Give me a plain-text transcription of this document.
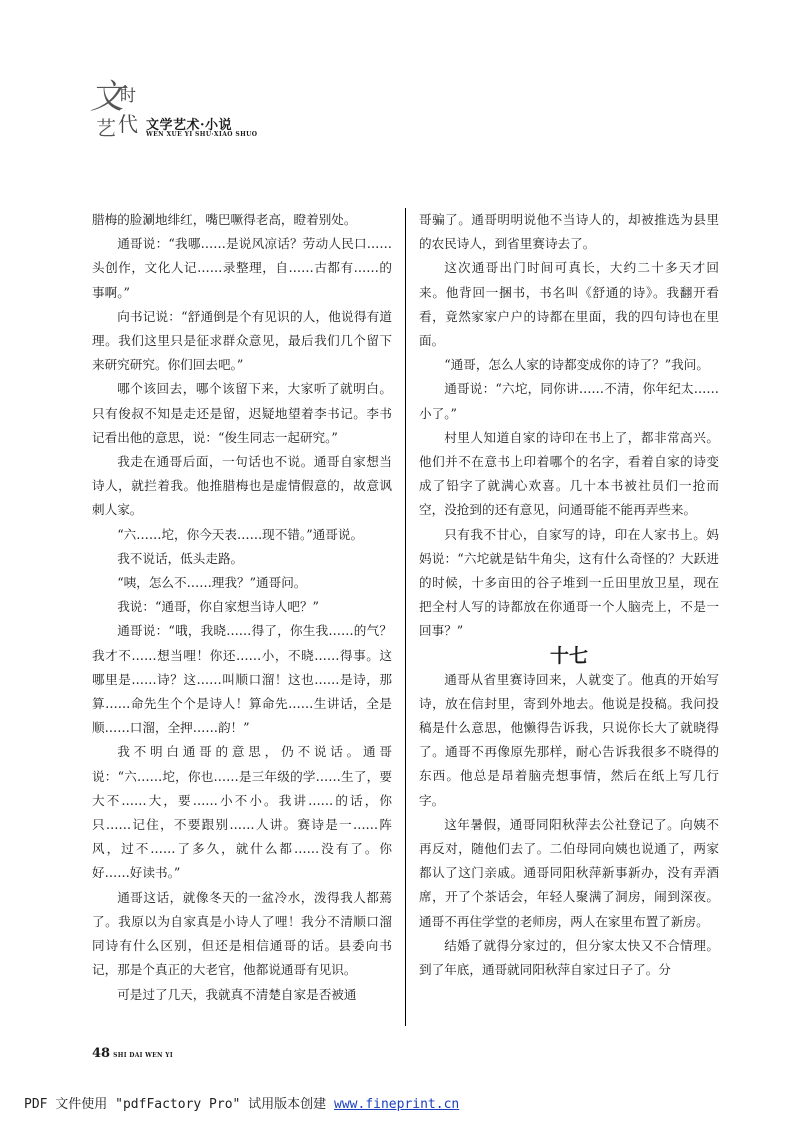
文
时
艺 代 文学艺术·小说
WEN XUE YI SHU·XIAO SHUO

腊梅的脸涮地绯红，嘴巴噘得老高，瞪着别处。

通哥说：“我哪……是说风凉话？劳动人民口……头创作，文化人记……录整理，自……古都有……的事啊。”

向书记说：“舒通倒是个有见识的人，他说得有道理。我们这里只是征求群众意见，最后我们几个留下来研究研究。你们回去吧。”

哪个该回去，哪个该留下来，大家听了就明白。只有俊叔不知是走还是留，迟疑地望着李书记。李书记看出他的意思，说：“俊生同志一起研究。”

我走在通哥后面，一句话也不说。通哥自家想当诗人，就拦着我。他推腊梅也是虚情假意的，故意讽刺人家。

“六……坨，你今天表……现不错。”通哥说。

我不说话，低头走路。

“咦，怎么不……理我？”通哥问。

我说：“通哥，你自家想当诗人吧？”

通哥说：“哦，我晓……得了，你生我……的气？我才不……想当哩！你还……小，不晓……得事。这哪里是……诗？这……叫顺口溜！这也……是诗，那算……命先生个个是诗人！算命先……生讲话，全是顺……口溜，全押……韵！”

我不明白通哥的意思，仍不说话。通哥说：“六……坨，你也……是三年级的学……生了，要大不……大，要……小不小。我讲……的话，你只……记住，不要跟别……人讲。赛诗是一……阵风，过不……了多久，就什么都……没有了。你好……好读书。”

通哥这话，就像冬天的一盆冷水，泼得我人都蔫了。我原以为自家真是小诗人了哩！我分不清顺口溜同诗有什么区别，但还是相信通哥的话。县委向书记，那是个真正的大老官，他都说通哥有见识。

可是过了几天，我就真不清楚自家是否被通

哥骗了。通哥明明说他不当诗人的，却被推选为县里的农民诗人，到省里赛诗去了。

这次通哥出门时间可真长，大约二十多天才回来。他背回一捆书，书名叫《舒通的诗》。我翻开看看，竟然家家户户的诗都在里面，我的四句诗也在里面。

“通哥，怎么人家的诗都变成你的诗了？”我问。

通哥说：“六坨，同你讲……不清，你年纪太……小了。”

村里人知道自家的诗印在书上了，都非常高兴。他们并不在意书上印着哪个的名字，看着自家的诗变成了铅字了就满心欢喜。几十本书被社员们一抢而空，没抢到的还有意见，问通哥能不能再弄些来。

只有我不甘心，自家写的诗，印在人家书上。妈妈说：“六坨就是钻牛角尖，这有什么奇怪的？大跃进的时候，十多亩田的谷子堆到一丘田里放卫星，现在把全村人写的诗都放在你通哥一个人脑壳上，不是一回事？”

十七

通哥从省里赛诗回来，人就变了。他真的开始写诗，放在信封里，寄到外地去。他说是投稿。我问投稿是什么意思，他懒得告诉我，只说你长大了就晓得了。通哥不再像原先那样，耐心告诉我很多不晓得的东西。他总是昂着脑壳想事情，然后在纸上写几行字。

这年暑假，通哥同阳秋萍去公社登记了。向姨不再反对，随他们去了。二伯母同向姨也说通了，两家都认了这门亲戚。通哥同阳秋萍新事新办，没有弄酒席，开了个茶话会，年轻人聚满了洞房，闹到深夜。通哥不再住学堂的老师房，两人在家里布置了新房。

结婚了就得分家过的，但分家太快又不合情理。到了年底，通哥就同阳秋萍自家过日子了。分

48 SHI DAI WEN YI
PDF 文件使用 "pdfFactory Pro" 试用版本创建 www.fineprint.cn
